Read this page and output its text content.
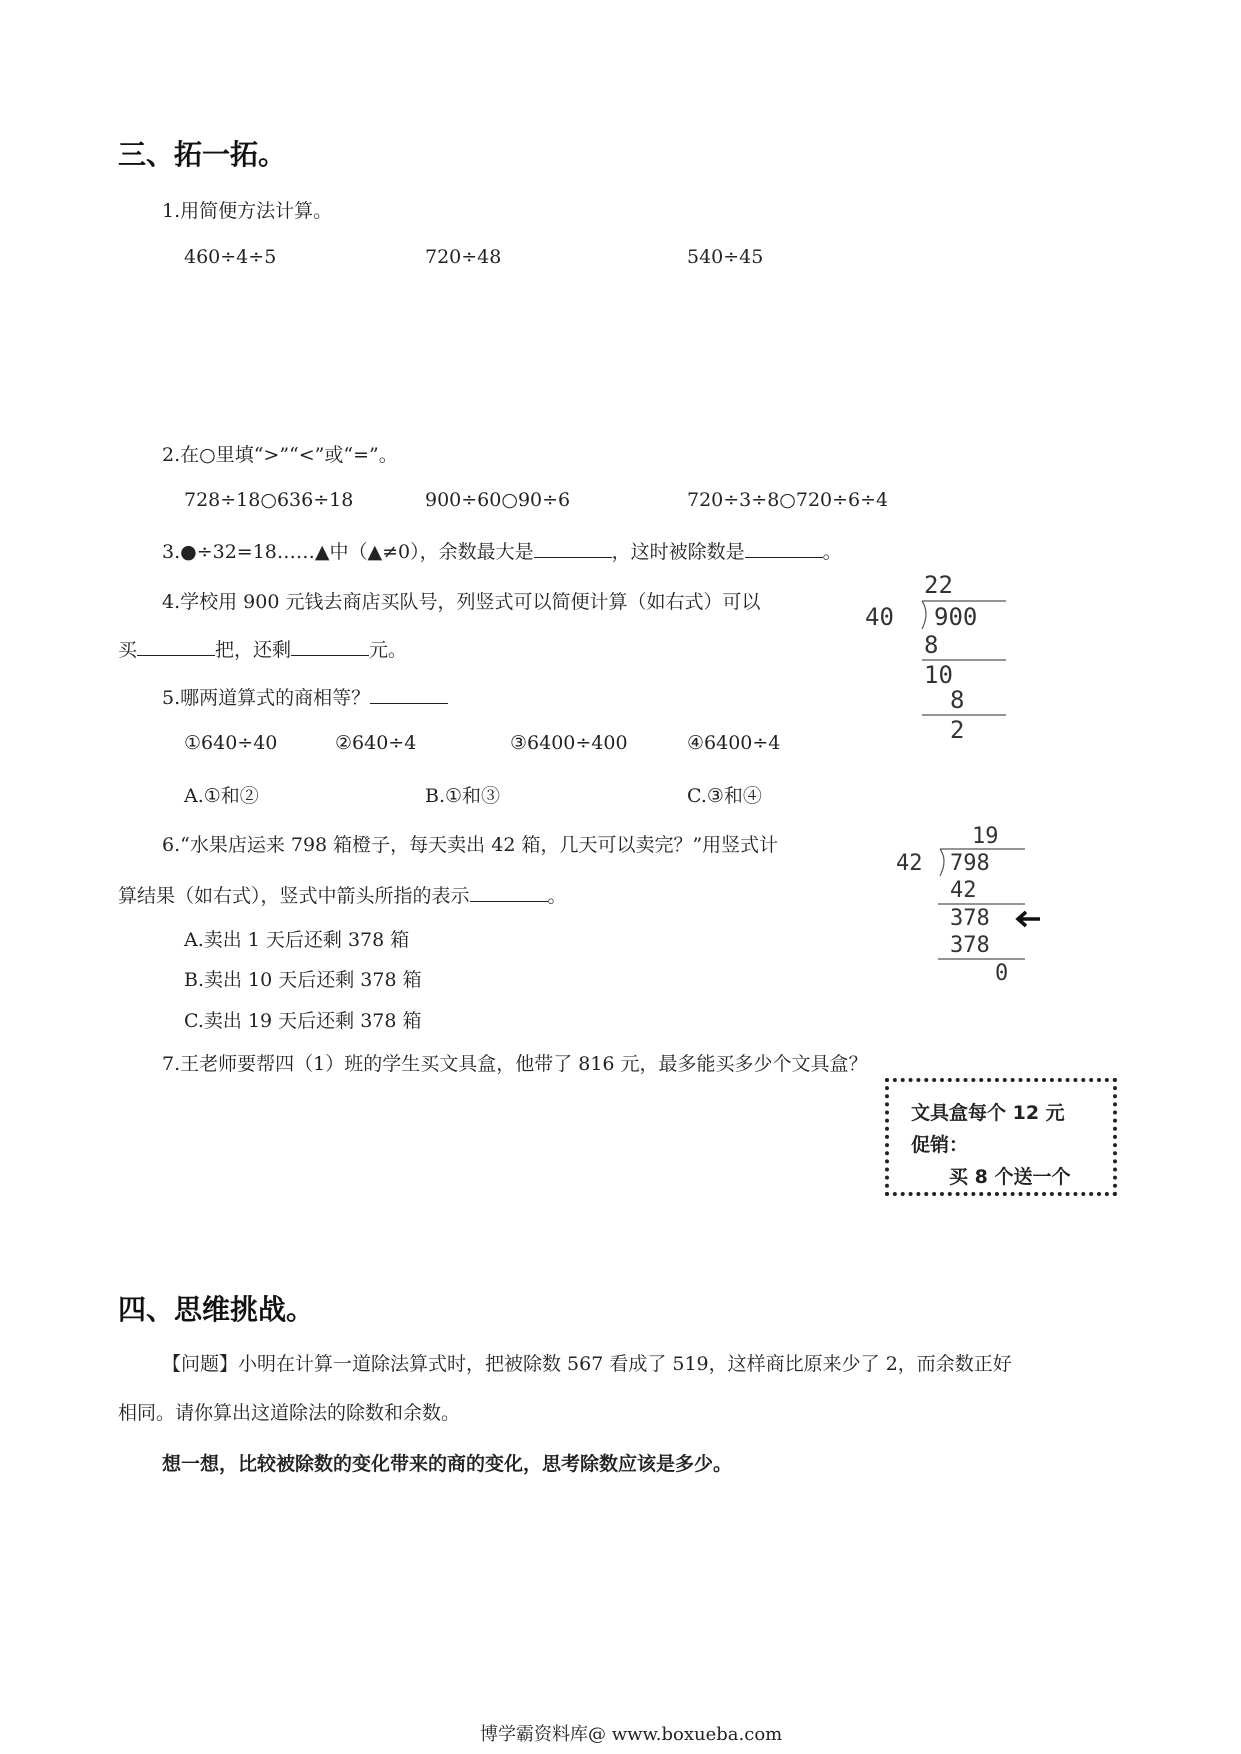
三、拓一拓。
1.用简便方法计算。
460÷4÷5	720÷48	540÷45
2.在○里填“>”“<”或“=”。
728÷18○636÷18	900÷60○90÷6	720÷3÷8○720÷6÷4
3.●÷32=18……▲中（▲≠0），余数最大是	，这时被除数是	。
4.学校用 900 元钱去商店买队号，列竖式可以简便计算（如右式）可以
买	把，还剩	元。
5.哪两道算式的商相等？
①640÷40	②640÷4	③6400÷400	④6400÷4
A.①和②	B.①和③	C.③和④
6.“水果店运来 798 箱橙子，每天卖出 42 箱，几天可以卖完？”用竖式计
算结果（如右式），竖式中箭头所指的表示	。
A.卖出 1 天后还剩 378 箱
B.卖出 10 天后还剩 378 箱
C.卖出 19 天后还剩 378 箱
7.王老师要帮四（1）班的学生买文具盒，他带了 816 元，最多能买多少个文具盒？
文具盒每个 12 元
促销：
买 8 个送一个
22
40 900
8
10
8
2
19
42 798
42
378
378
0
四、思维挑战。
【问题】小明在计算一道除法算式时，把被除数 567 看成了 519，这样商比原来少了 2，而余数正好
相同。请你算出这道除法的除数和余数。
想一想，比较被除数的变化带来的商的变化，思考除数应该是多少。
博学霸资料库@ www.boxueba.com
